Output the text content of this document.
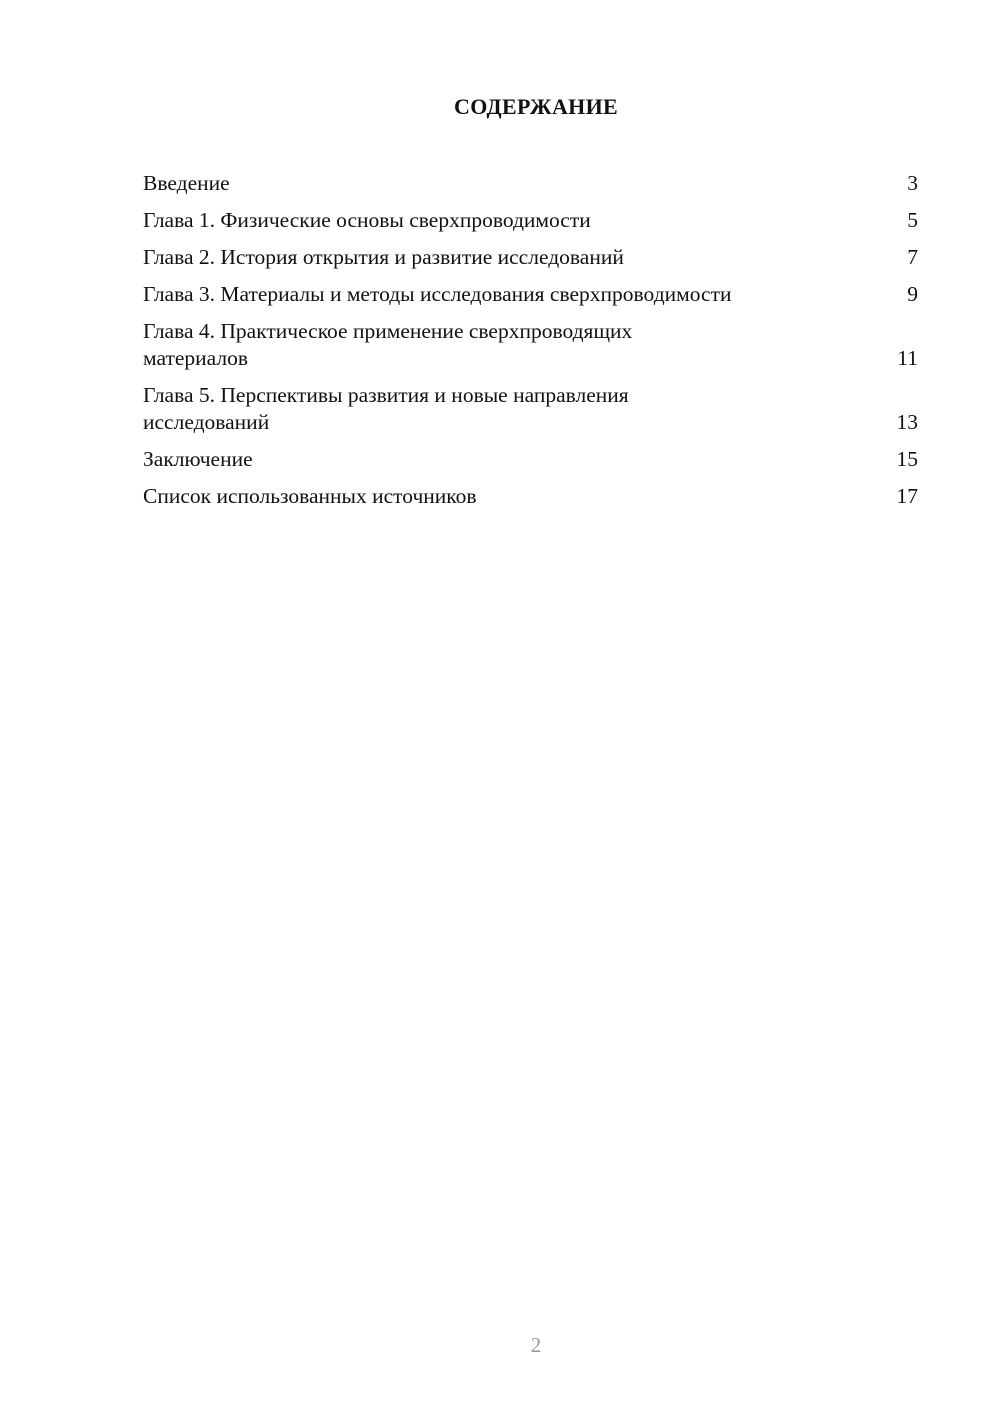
СОДЕРЖАНИЕ
Введение	3
Глава 1. Физические основы сверхпроводимости	5
Глава 2. История открытия и развитие исследований	7
Глава 3. Материалы и методы исследования сверхпроводимости	9
Глава 4. Практическое применение сверхпроводящих материалов	11
Глава 5. Перспективы развития и новые направления исследований	13
Заключение	15
Список использованных источников	17
2
